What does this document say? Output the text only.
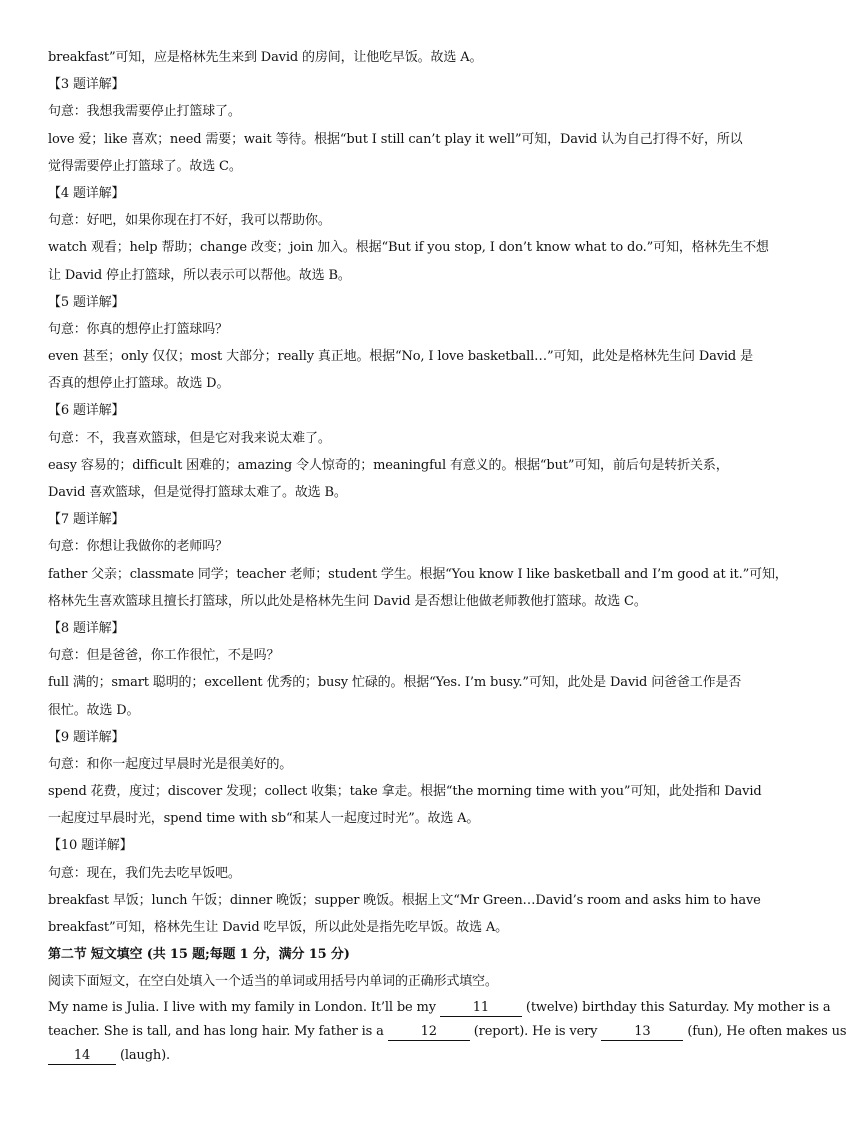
breakfast”可知，应是格林先生来到 David 的房间，让他吃早饭。故选 A。
【3 题详解】
句意：我想我需要停止打篮球了。
love 爱；like 喜欢；need 需要；wait 等待。根据“but I still can’t play it well”可知，David 认为自己打得不好，所以
觉得需要停止打篮球了。故选 C。
【4 题详解】
句意：好吧，如果你现在打不好，我可以帮助你。
watch 观看；help 帮助；change 改变；join 加入。根据“But if you stop, I don’t know what to do.”可知，格林先生不想
让 David 停止打篮球，所以表示可以帮他。故选 B。
【5 题详解】
句意：你真的想停止打篮球吗？
even 甚至；only 仅仅；most 大部分；really 真正地。根据“No, I love basketball…”可知，此处是格林先生问 David 是
否真的想停止打篮球。故选 D。
【6 题详解】
句意：不，我喜欢篮球，但是它对我来说太难了。
easy 容易的；difficult 困难的；amazing 令人惊奇的；meaningful 有意义的。根据“but”可知，前后句是转折关系，
David 喜欢篮球，但是觉得打篮球太难了。故选 B。
【7 题详解】
句意：你想让我做你的老师吗？
father 父亲；classmate 同学；teacher 老师；student 学生。根据“You know I like basketball and I’m good at it.”可知，
格林先生喜欢篮球且擅长打篮球，所以此处是格林先生问 David 是否想让他做老师教他打篮球。故选 C。
【8 题详解】
句意：但是爸爸，你工作很忙，不是吗？
full 满的；smart 聪明的；excellent 优秀的；busy 忙碌的。根据“Yes. I’m busy.”可知，此处是 David 问爸爸工作是否
很忙。故选 D。
【9 题详解】
句意：和你一起度过早晨时光是很美好的。
spend 花费，度过；discover 发现；collect 收集；take 拿走。根据“the morning time with you”可知，此处指和 David
一起度过早晨时光，spend time with sb“和某人一起度过时光”。故选 A。
【10 题详解】
句意：现在，我们先去吃早饭吧。
breakfast 早饭；lunch 午饭；dinner 晚饭；supper 晚饭。根据上文“Mr Green…David’s room and asks him to have
breakfast”可知，格林先生让 David 吃早饭，所以此处是指先吃早饭。故选 A。
第二节 短文填空 (共 15 题;每题 1 分，满分 15 分)
阅读下面短文，在空白处填入一个适当的单词或用括号内单词的正确形式填空。
My name is Julia. I live with my family in London. It’ll be my	11	(twelve) birthday this Saturday. My mother is a
teacher. She is tall, and has long hair. My father is a	12	(report). He is very	13	(fun), He often makes us
14 (laugh).
